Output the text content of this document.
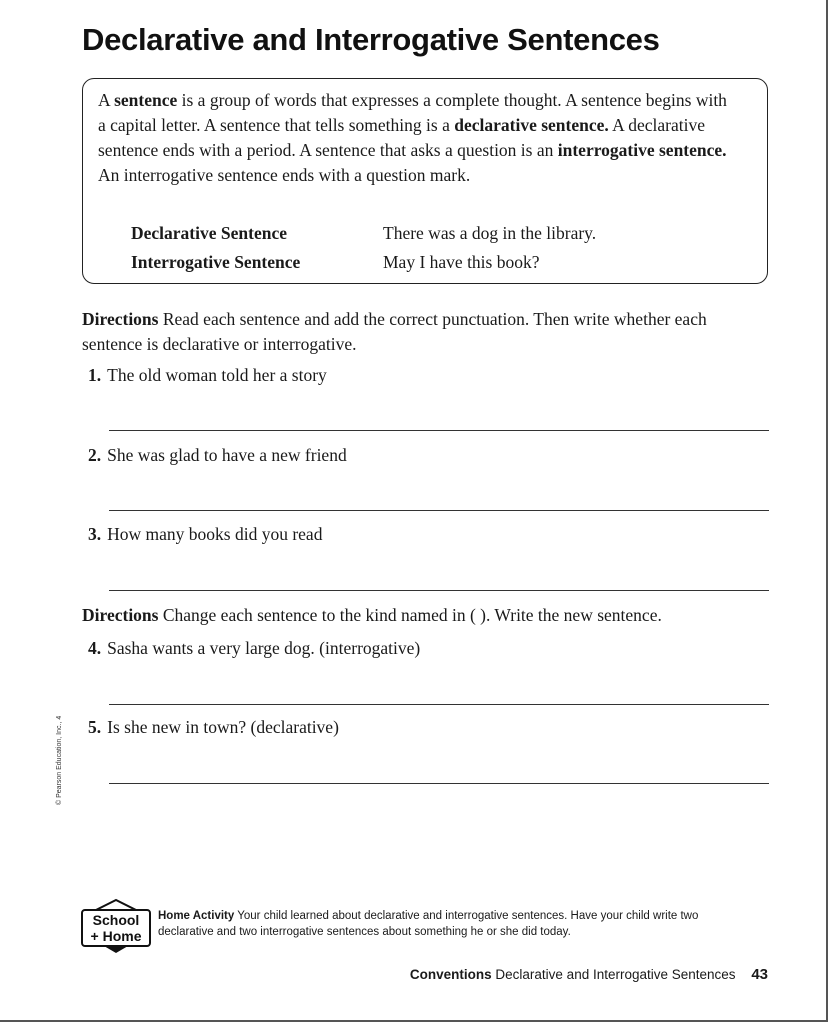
Declarative and Interrogative Sentences

A sentence is a group of words that expresses a complete thought. A sentence begins with a capital letter. A sentence that tells something is a declarative sentence. A declarative sentence ends with a period. A sentence that asks a question is an interrogative sentence. An interrogative sentence ends with a question mark.

Declarative Sentence	There was a dog in the library.
Interrogative Sentence	May I have this book?

Directions Read each sentence and add the correct punctuation. Then write whether each sentence is declarative or interrogative.

1. The old woman told her a story
2. She was glad to have a new friend
3. How many books did you read

Directions Change each sentence to the kind named in ( ). Write the new sentence.

4. Sasha wants a very large dog. (interrogative)
5. Is she new in town? (declarative)
© Pearson Education, Inc., 4
School
+ Home

Home Activity Your child learned about declarative and interrogative sentences. Have your child write two declarative and two interrogative sentences about something he or she did today.

Conventions Declarative and Interrogative Sentences 43
